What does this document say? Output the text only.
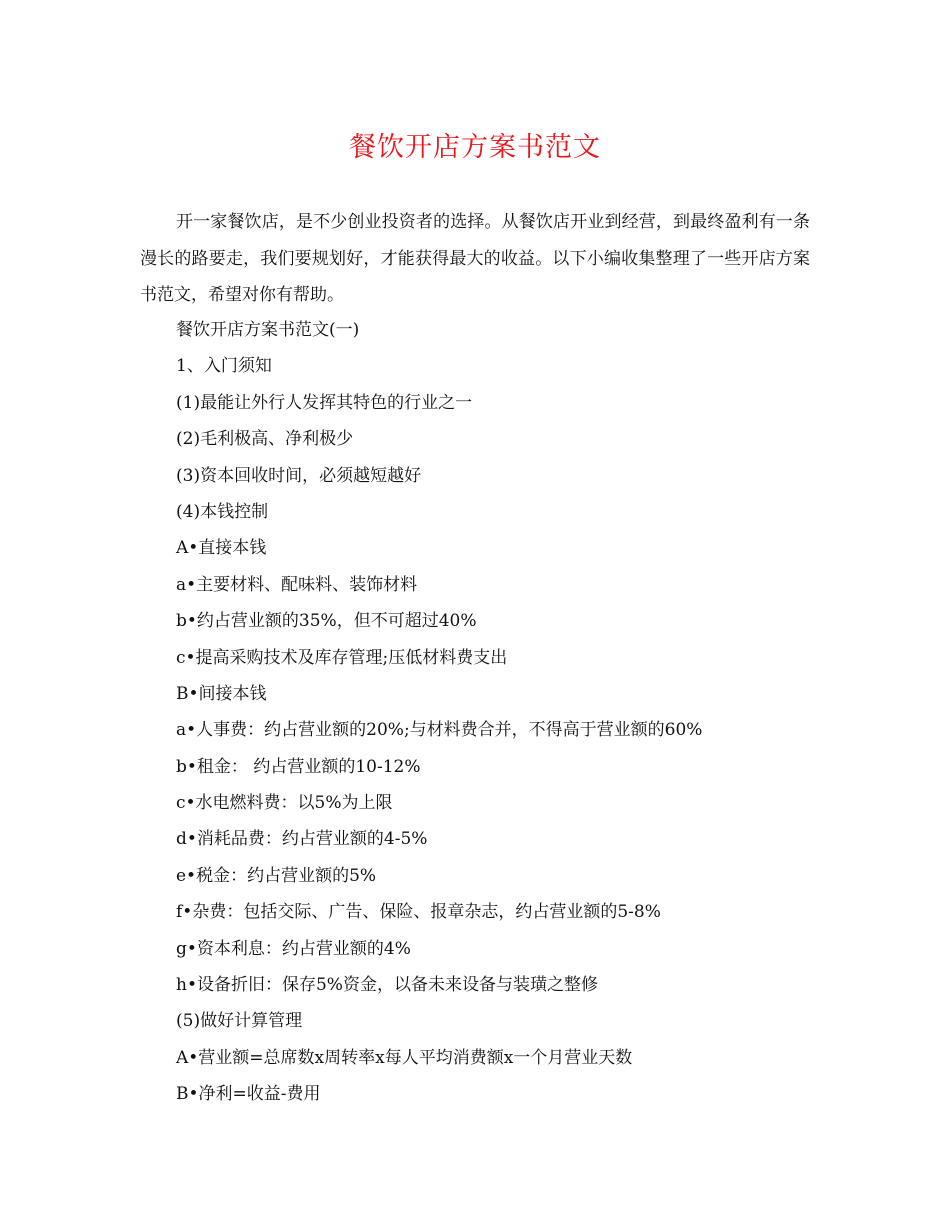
餐饮开店方案书范文

开一家餐饮店，是不少创业投资者的选择。从餐饮店开业到经营，到最终盈利有一条漫长的路要走，我们要规划好，才能获得最大的收益。以下小编收集整理了一些开店方案书范文，希望对你有帮助。

餐饮开店方案书范文(一)
1、入门须知
(1)最能让外行人发挥其特色的行业之一
(2)毛利极高、净利极少
(3)资本回收时间，必须越短越好
(4)本钱控制
A•直接本钱
a•主要材料、配味料、装饰材料
b•约占营业额的35%，但不可超过40%
c•提高采购技术及库存管理;压低材料费支出
B•间接本钱
a•人事费：约占营业额的20%;与材料费合并，不得高于营业额的60%
b•租金： 约占营业额的10-12%
c•水电燃料费：以5%为上限
d•消耗品费：约占营业额的4-5%
e•税金：约占营业额的5%
f•杂费：包括交际、广告、保险、报章杂志，约占营业额的5-8%
g•资本利息：约占营业额的4%
h•设备折旧：保存5%资金，以备未来设备与装璜之整修
(5)做好计算管理
A•营业额=总席数x周转率x每人平均消费额x一个月营业天数
B•净利=收益-费用
